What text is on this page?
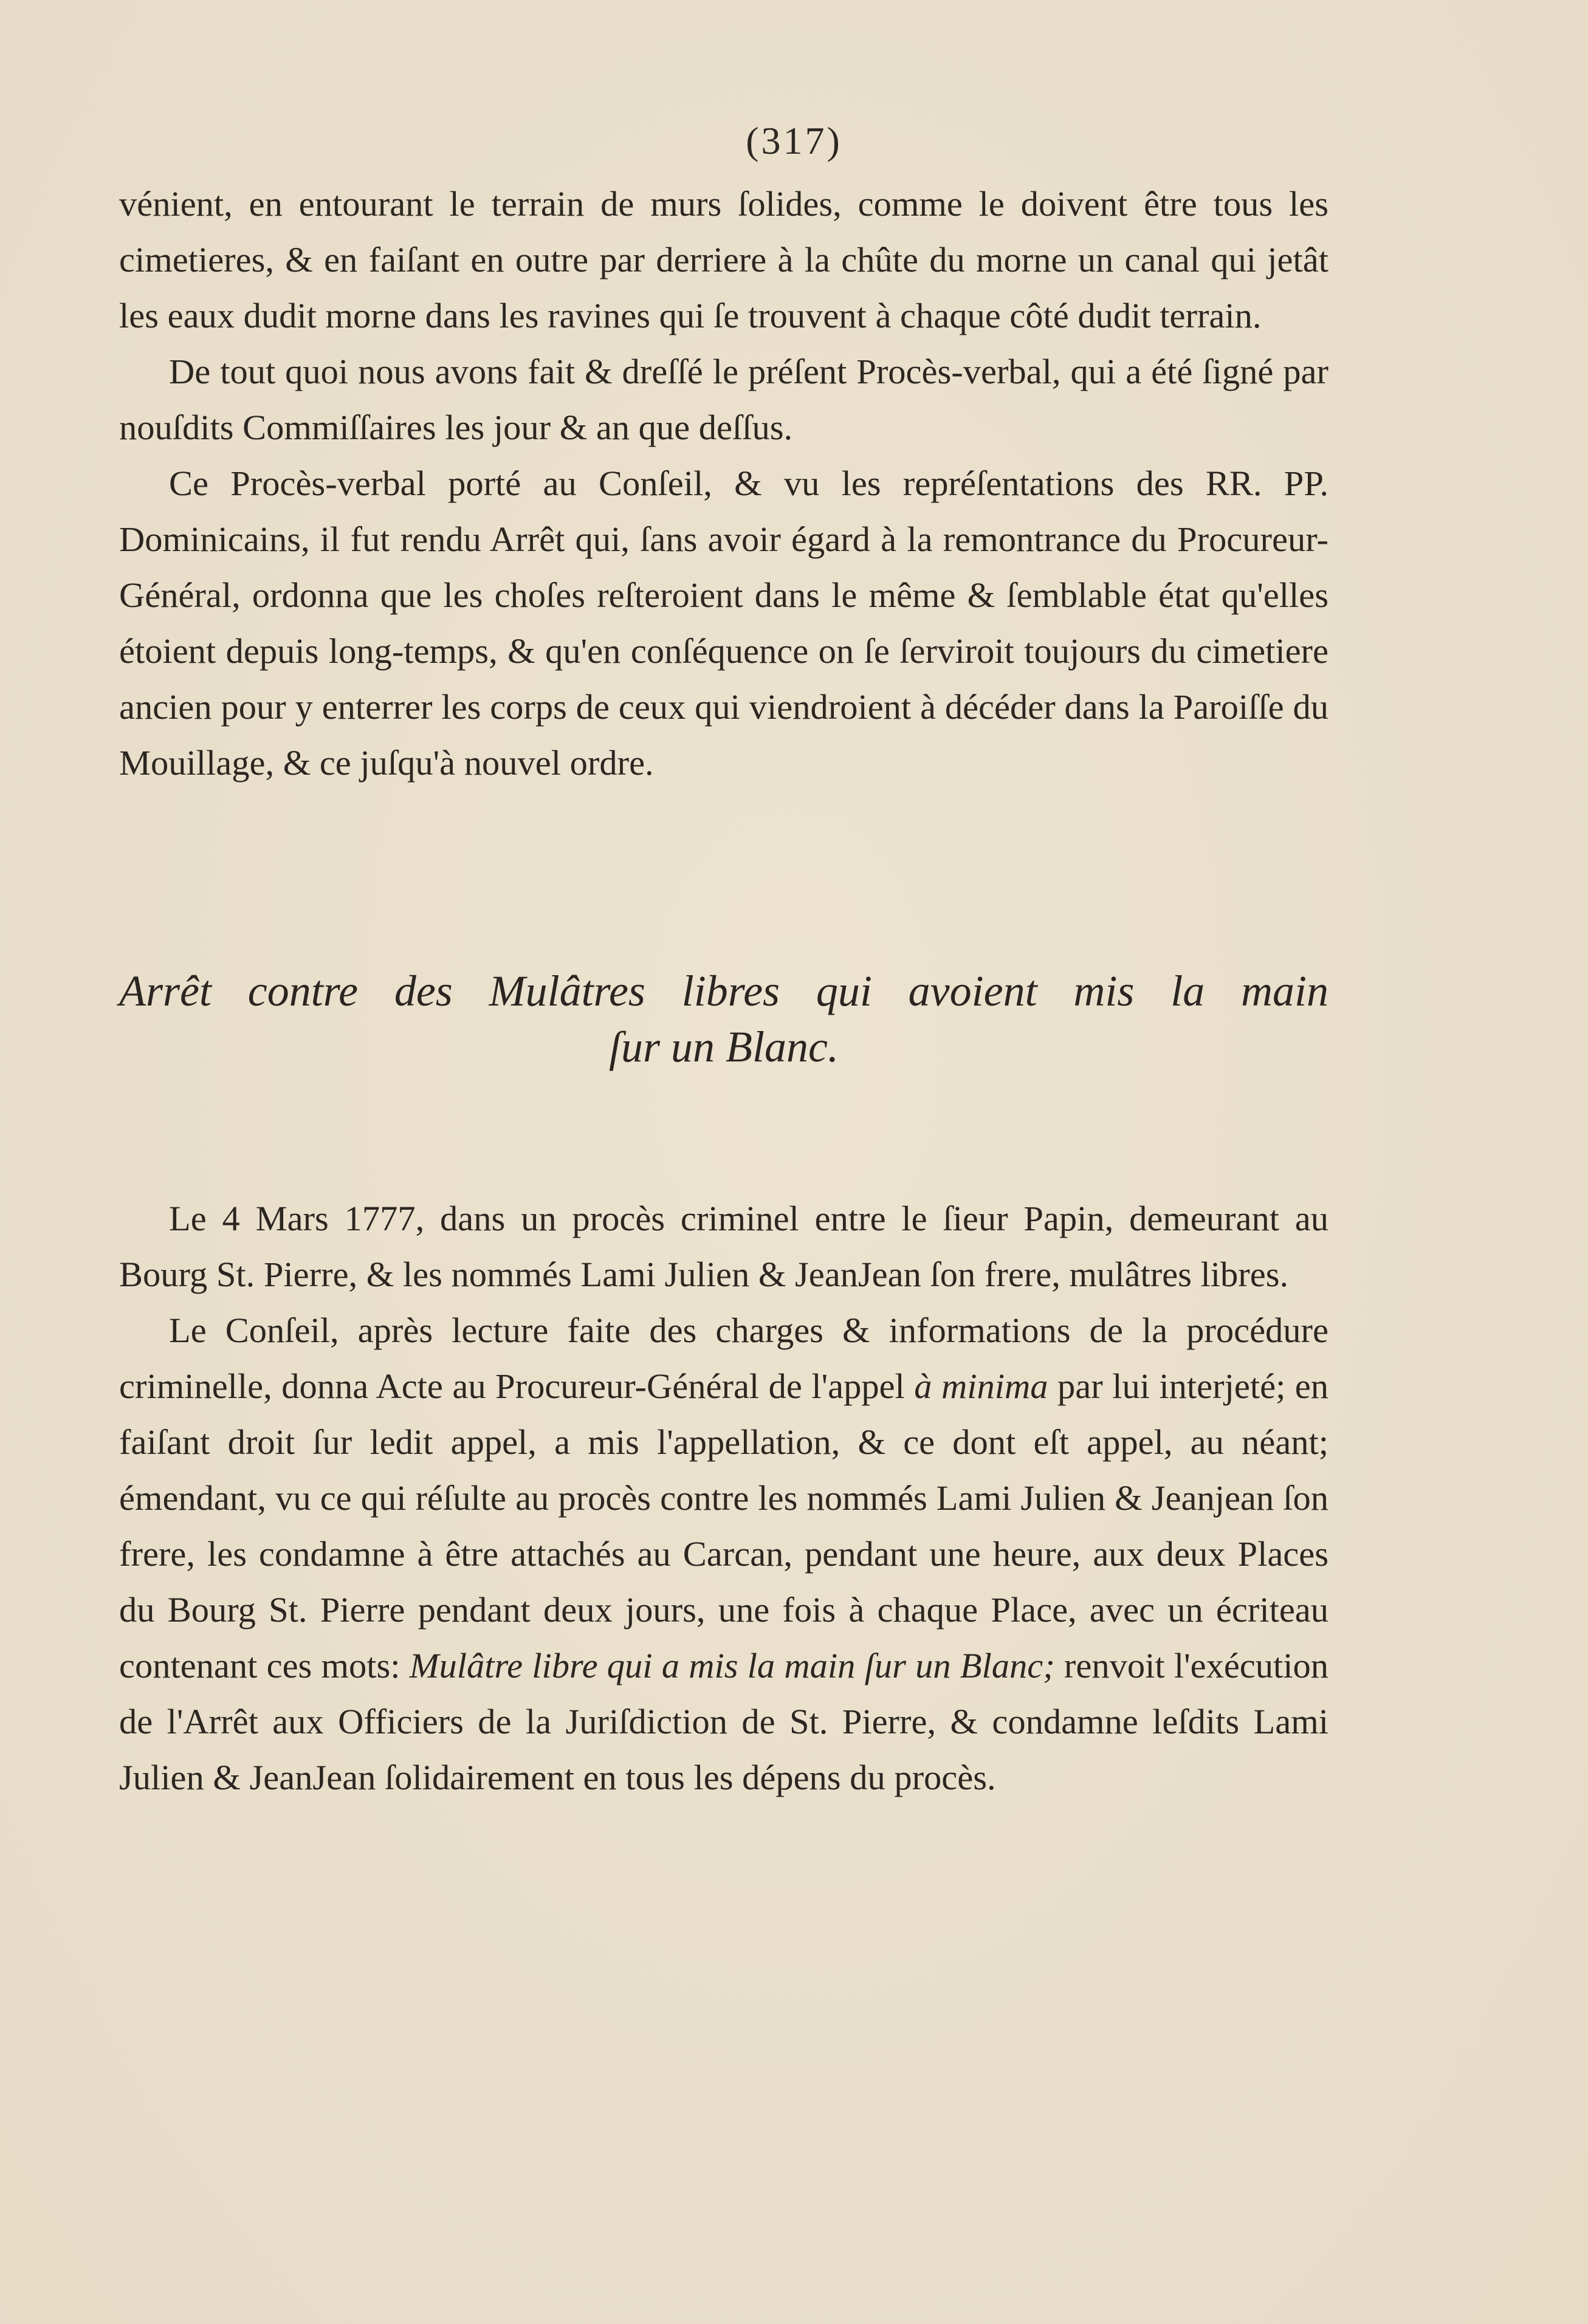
(317)

vénient, en entourant le terrain de murs ſolides, comme le doivent être tous les cimetieres, & en faiſant en outre par derriere à la chûte du morne un canal qui jetât les eaux dudit morne dans les ravines qui ſe trouvent à chaque côté dudit terrain.

De tout quoi nous avons fait & dreſſé le préſent Procès-verbal, qui a été ſigné par nouſdits Commiſſaires les jour & an que deſſus.

Ce Procès-verbal porté au Conſeil, & vu les repréſentations des RR. PP. Dominicains, il fut rendu Arrêt qui, ſans avoir égard à la remontrance du Procureur-Général, ordonna que les choſes reſteroient dans le même & ſemblable état qu'elles étoient depuis long-temps, & qu'en conſéquence on ſe ſerviroit toujours du cimetiere ancien pour y enterrer les corps de ceux qui viendroient à décéder dans la Paroiſſe du Mouillage, & ce juſqu'à nouvel ordre.

Arrêt contre des Mulâtres libres qui avoient mis la main
ſur un Blanc.

Le 4 Mars 1777, dans un procès criminel entre le ſieur Papin, demeurant au Bourg St. Pierre, & les nommés Lami Julien & JeanJean ſon frere, mulâtres libres.

Le Conſeil, après lecture faite des charges & informations de la procédure criminelle, donna Acte au Procureur-Général de l'appel à minima par lui interjeté; en faiſant droit ſur ledit appel, a mis l'appellation, & ce dont eſt appel, au néant; émendant, vu ce qui réſulte au procès contre les nommés Lami Julien & Jeanjean ſon frere, les condamne à être attachés au Carcan, pendant une heure, aux deux Places du Bourg St. Pierre pendant deux jours, une fois à chaque Place, avec un écriteau contenant ces mots: Mulâtre libre qui a mis la main ſur un Blanc; renvoit l'exécution de l'Arrêt aux Officiers de la Juriſdiction de St. Pierre, & condamne leſdits Lami Julien & JeanJean ſolidairement en tous les dépens du procès.
